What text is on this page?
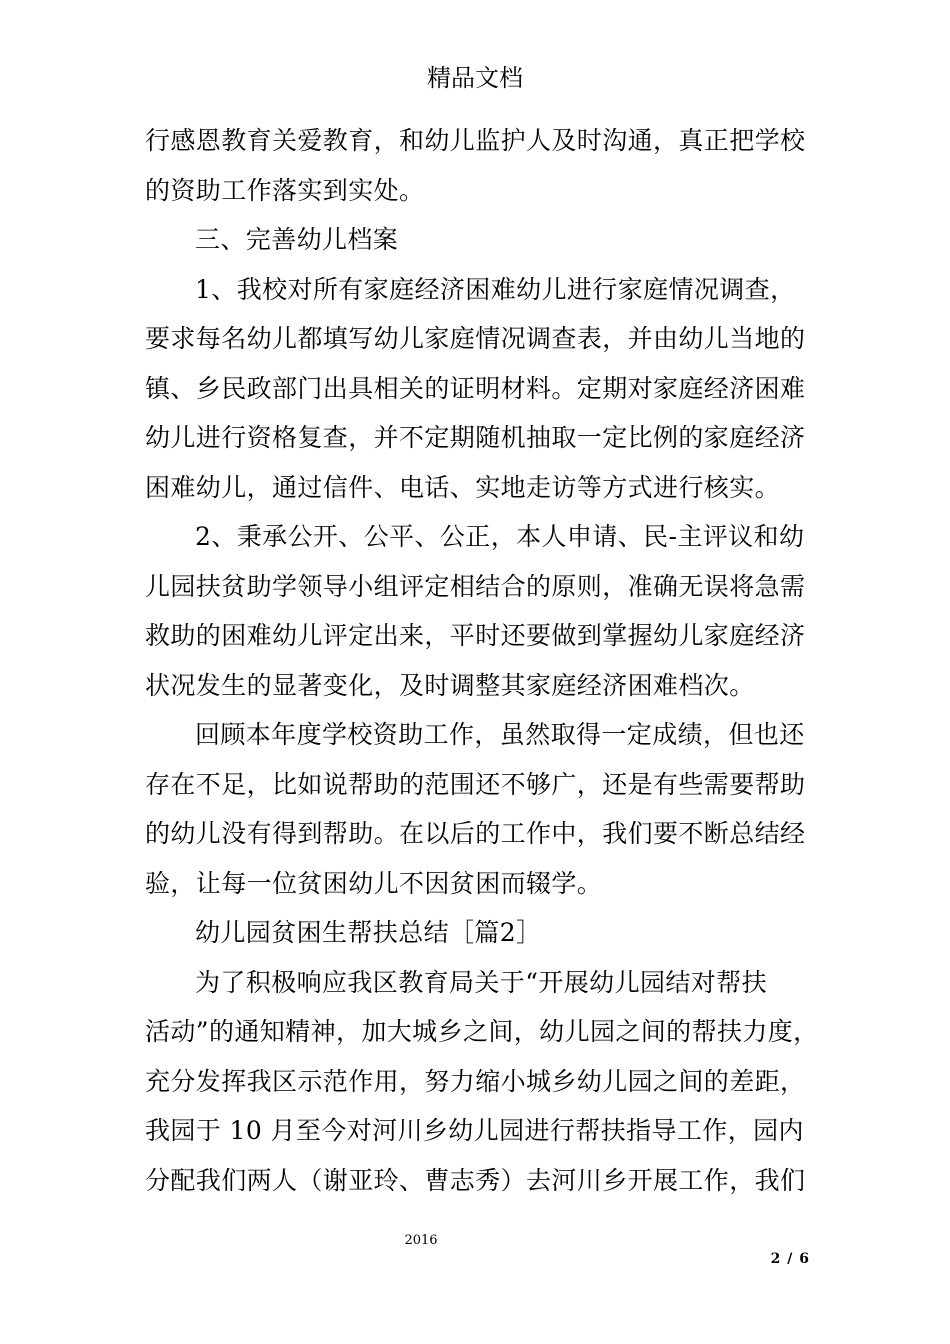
精品文档
行感恩教育关爱教育，和幼儿监护人及时沟通，真正把学校
的资助工作落实到实处。
三、完善幼儿档案
1、我校对所有家庭经济困难幼儿进行家庭情况调查，
要求每名幼儿都填写幼儿家庭情况调查表，并由幼儿当地的
镇、乡民政部门出具相关的证明材料。定期对家庭经济困难
幼儿进行资格复查，并不定期随机抽取一定比例的家庭经济
困难幼儿，通过信件、电话、实地走访等方式进行核实。
2、秉承公开、公平、公正，本人申请、民-主评议和幼
儿园扶贫助学领导小组评定相结合的原则，准确无误将急需
救助的困难幼儿评定出来，平时还要做到掌握幼儿家庭经济
状况发生的显著变化，及时调整其家庭经济困难档次。
回顾本年度学校资助工作，虽然取得一定成绩，但也还
存在不足，比如说帮助的范围还不够广，还是有些需要帮助
的幼儿没有得到帮助。在以后的工作中，我们要不断总结经
验，让每一位贫困幼儿不因贫困而辍学。
幼儿园贫困生帮扶总结［篇2］
为了积极响应我区教育局关于“开展幼儿园结对帮扶
活动”的通知精神，加大城乡之间，幼儿园之间的帮扶力度，
充分发挥我区示范作用，努力缩小城乡幼儿园之间的差距，
我园于 10 月至今对河川乡幼儿园进行帮扶指导工作，园内
分配我们两人（谢亚玲、曹志秀）去河川乡开展工作，我们
2016
2 / 6
